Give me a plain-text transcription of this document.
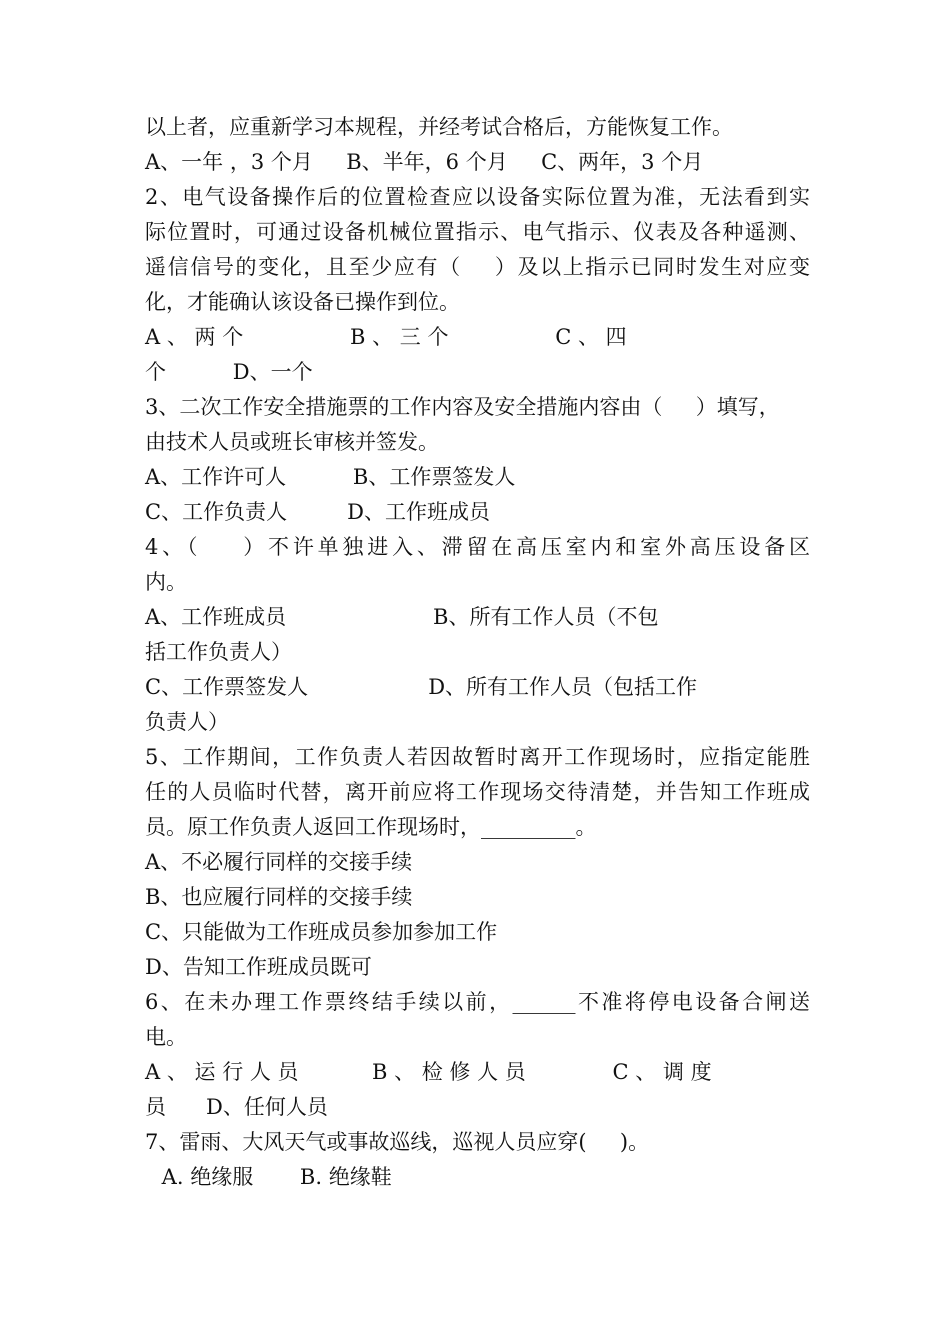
以上者，应重新学习本规程，并经考试合格后，方能恢复工作。
A、一年 ，3 个月     B、半年，6 个月     C、两年，3 个月
2、电气设备操作后的位置检查应以设备实际位置为准，无法看到实
际位置时，可通过设备机械位置指示、电气指示、仪表及各种遥测、
遥信信号的变化，且至少应有（    ）及以上指示已同时发生对应变
化，才能确认该设备已操作到位。
A 、 两 个                B 、 三 个                C 、 四
个          D、一个
3、二次工作安全措施票的工作内容及安全措施内容由（     ）填写，
由技术人员或班长审核并签发。
A、工作许可人          B、工作票签发人
C、工作负责人         D、工作班成员
4、（    ）不许单独进入、滞留在高压室内和室外高压设备区
内。
A、工作班成员                      B、所有工作人员（不包
括工作负责人）
C、工作票签发人                  D、所有工作人员（包括工作
负责人）
5、工作期间，工作负责人若因故暂时离开工作现场时，应指定能胜
任的人员临时代替，离开前应将工作现场交待清楚，并告知工作班成
员。原工作负责人返回工作现场时，_________。
A、不必履行同样的交接手续
B、也应履行同样的交接手续
C、只能做为工作班成员参加参加工作
D、告知工作班成员既可
6、在未办理工作票终结手续以前，______不准将停电设备合闸送
电。
A 、 运 行 人 员           B 、 检 修 人 员             C 、 调 度
员      D、任何人员
7、雷雨、大风天气或事故巡线，巡视人员应穿(     )。
A. 绝缘服       B. 绝缘鞋
